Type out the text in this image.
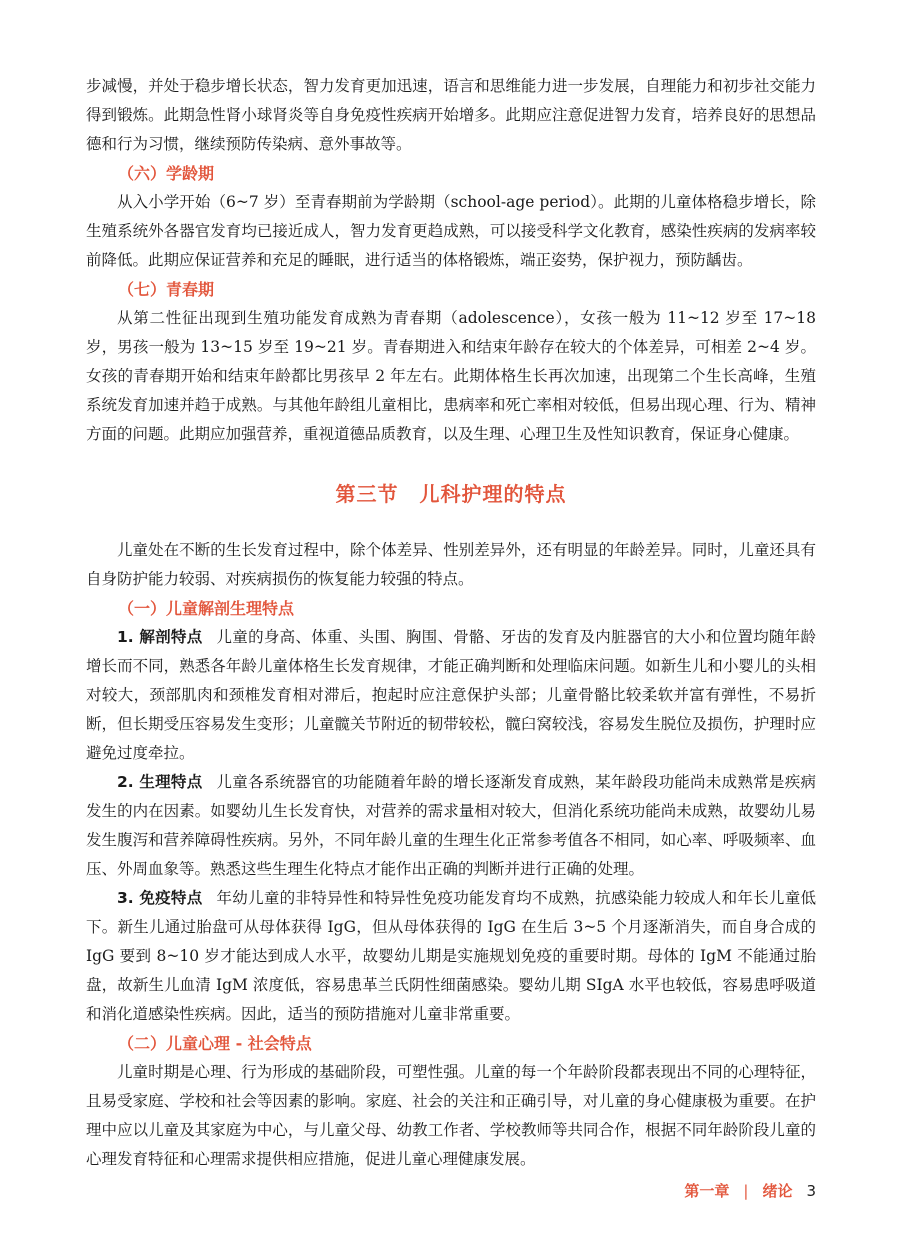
步减慢，并处于稳步增长状态，智力发育更加迅速，语言和思维能力进一步发展，自理能力和初步社交能力得到锻炼。此期急性肾小球肾炎等自身免疫性疾病开始增多。此期应注意促进智力发育，培养良好的思想品德和行为习惯，继续预防传染病、意外事故等。

（六）学龄期

从入小学开始（6~7 岁）至青春期前为学龄期（school-age period）。此期的儿童体格稳步增长，除生殖系统外各器官发育均已接近成人，智力发育更趋成熟，可以接受科学文化教育，感染性疾病的发病率较前降低。此期应保证营养和充足的睡眠，进行适当的体格锻炼，端正姿势，保护视力，预防龋齿。

（七）青春期

从第二性征出现到生殖功能发育成熟为青春期（adolescence），女孩一般为 11~12 岁至 17~18 岁，男孩一般为 13~15 岁至 19~21 岁。青春期进入和结束年龄存在较大的个体差异，可相差 2~4 岁。女孩的青春期开始和结束年龄都比男孩早 2 年左右。此期体格生长再次加速，出现第二个生长高峰，生殖系统发育加速并趋于成熟。与其他年龄组儿童相比，患病率和死亡率相对较低，但易出现心理、行为、精神方面的问题。此期应加强营养，重视道德品质教育，以及生理、心理卫生及性知识教育，保证身心健康。

第三节　儿科护理的特点

儿童处在不断的生长发育过程中，除个体差异、性别差异外，还有明显的年龄差异。同时，儿童还具有自身防护能力较弱、对疾病损伤的恢复能力较强的特点。

（一）儿童解剖生理特点

1. 解剖特点 儿童的身高、体重、头围、胸围、骨骼、牙齿的发育及内脏器官的大小和位置均随年龄增长而不同，熟悉各年龄儿童体格生长发育规律，才能正确判断和处理临床问题。如新生儿和小婴儿的头相对较大，颈部肌肉和颈椎发育相对滞后，抱起时应注意保护头部；儿童骨骼比较柔软并富有弹性，不易折断，但长期受压容易发生变形；儿童髋关节附近的韧带较松，髋臼窝较浅，容易发生脱位及损伤，护理时应避免过度牵拉。

2. 生理特点 儿童各系统器官的功能随着年龄的增长逐渐发育成熟，某年龄段功能尚未成熟常是疾病发生的内在因素。如婴幼儿生长发育快，对营养的需求量相对较大，但消化系统功能尚未成熟，故婴幼儿易发生腹泻和营养障碍性疾病。另外，不同年龄儿童的生理生化正常参考值各不相同，如心率、呼吸频率、血压、外周血象等。熟悉这些生理生化特点才能作出正确的判断并进行正确的处理。

3. 免疫特点 年幼儿童的非特异性和特异性免疫功能发育均不成熟，抗感染能力较成人和年长儿童低下。新生儿通过胎盘可从母体获得 IgG，但从母体获得的 IgG 在生后 3~5 个月逐渐消失，而自身合成的 IgG 要到 8~10 岁才能达到成人水平，故婴幼儿期是实施规划免疫的重要时期。母体的 IgM 不能通过胎盘，故新生儿血清 IgM 浓度低，容易患革兰氏阴性细菌感染。婴幼儿期 SIgA 水平也较低，容易患呼吸道和消化道感染性疾病。因此，适当的预防措施对儿童非常重要。

（二）儿童心理 - 社会特点

儿童时期是心理、行为形成的基础阶段，可塑性强。儿童的每一个年龄阶段都表现出不同的心理特征，且易受家庭、学校和社会等因素的影响。家庭、社会的关注和正确引导，对儿童的身心健康极为重要。在护理中应以儿童及其家庭为中心，与儿童父母、幼教工作者、学校教师等共同合作，根据不同年龄阶段儿童的心理发育特征和心理需求提供相应措施，促进儿童心理健康发展。

第一章 | 绪论 3
